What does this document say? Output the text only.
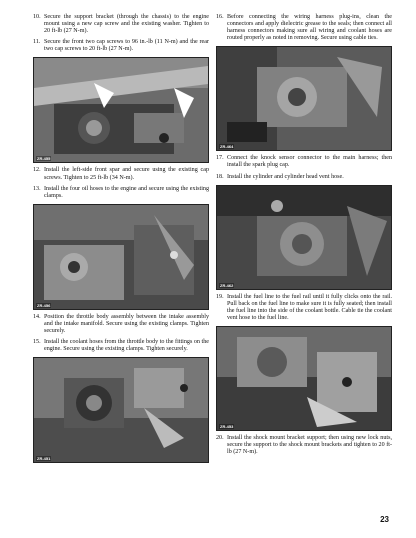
10. Secure the support bracket (through the chassis) to the engine mount using a new cap screw and the existing washer. Tighten to 20 ft-lb (27 N-m).
11. Secure the front two cap screws to 96 in.-lb (11 N-m) and the rear two cap screws to 20 ft-lb (27 N-m).
ZR-455
12. Install the left-side front spar and secure using the existing cap screws. Tighten to 25 ft-lb (34 N-m).
13. Install the four oil hoses to the engine and secure using the existing clamps.
ZR-456
14. Position the throttle body assembly between the intake assembly and the intake manifold. Secure using the existing clamps. Tighten securely.
15. Install the coolant hoses from the throttle body to the fittings on the engine. Secure using the existing clamps. Tighten securely.
ZR-451
16. Before connecting the wiring harness plug-ins, clean the connectors and apply dielectric grease to the seals; then connect all harness connectors making sure all wiring and coolant hoses are routed properly as noted in removing. Secure using cable ties.
ZR-464
17. Connect the knock sensor connector to the main harness; then install the spark plug cap.
18. Install the cylinder and cylinder head vent hose.
ZR-462
19. Install the fuel line to the fuel rail until it fully clicks onto the rail. Pull back on the fuel line to make sure it is fully seated; then install the fuel line into the side of the coolant bottle. Cable tie the coolant vent hose to the fuel line.
ZR-453
20. Install the shock mount bracket support; then using new lock nuts, secure the support to the shock mount brackets and tighten to 20 ft-lb (27 N-m).
23
